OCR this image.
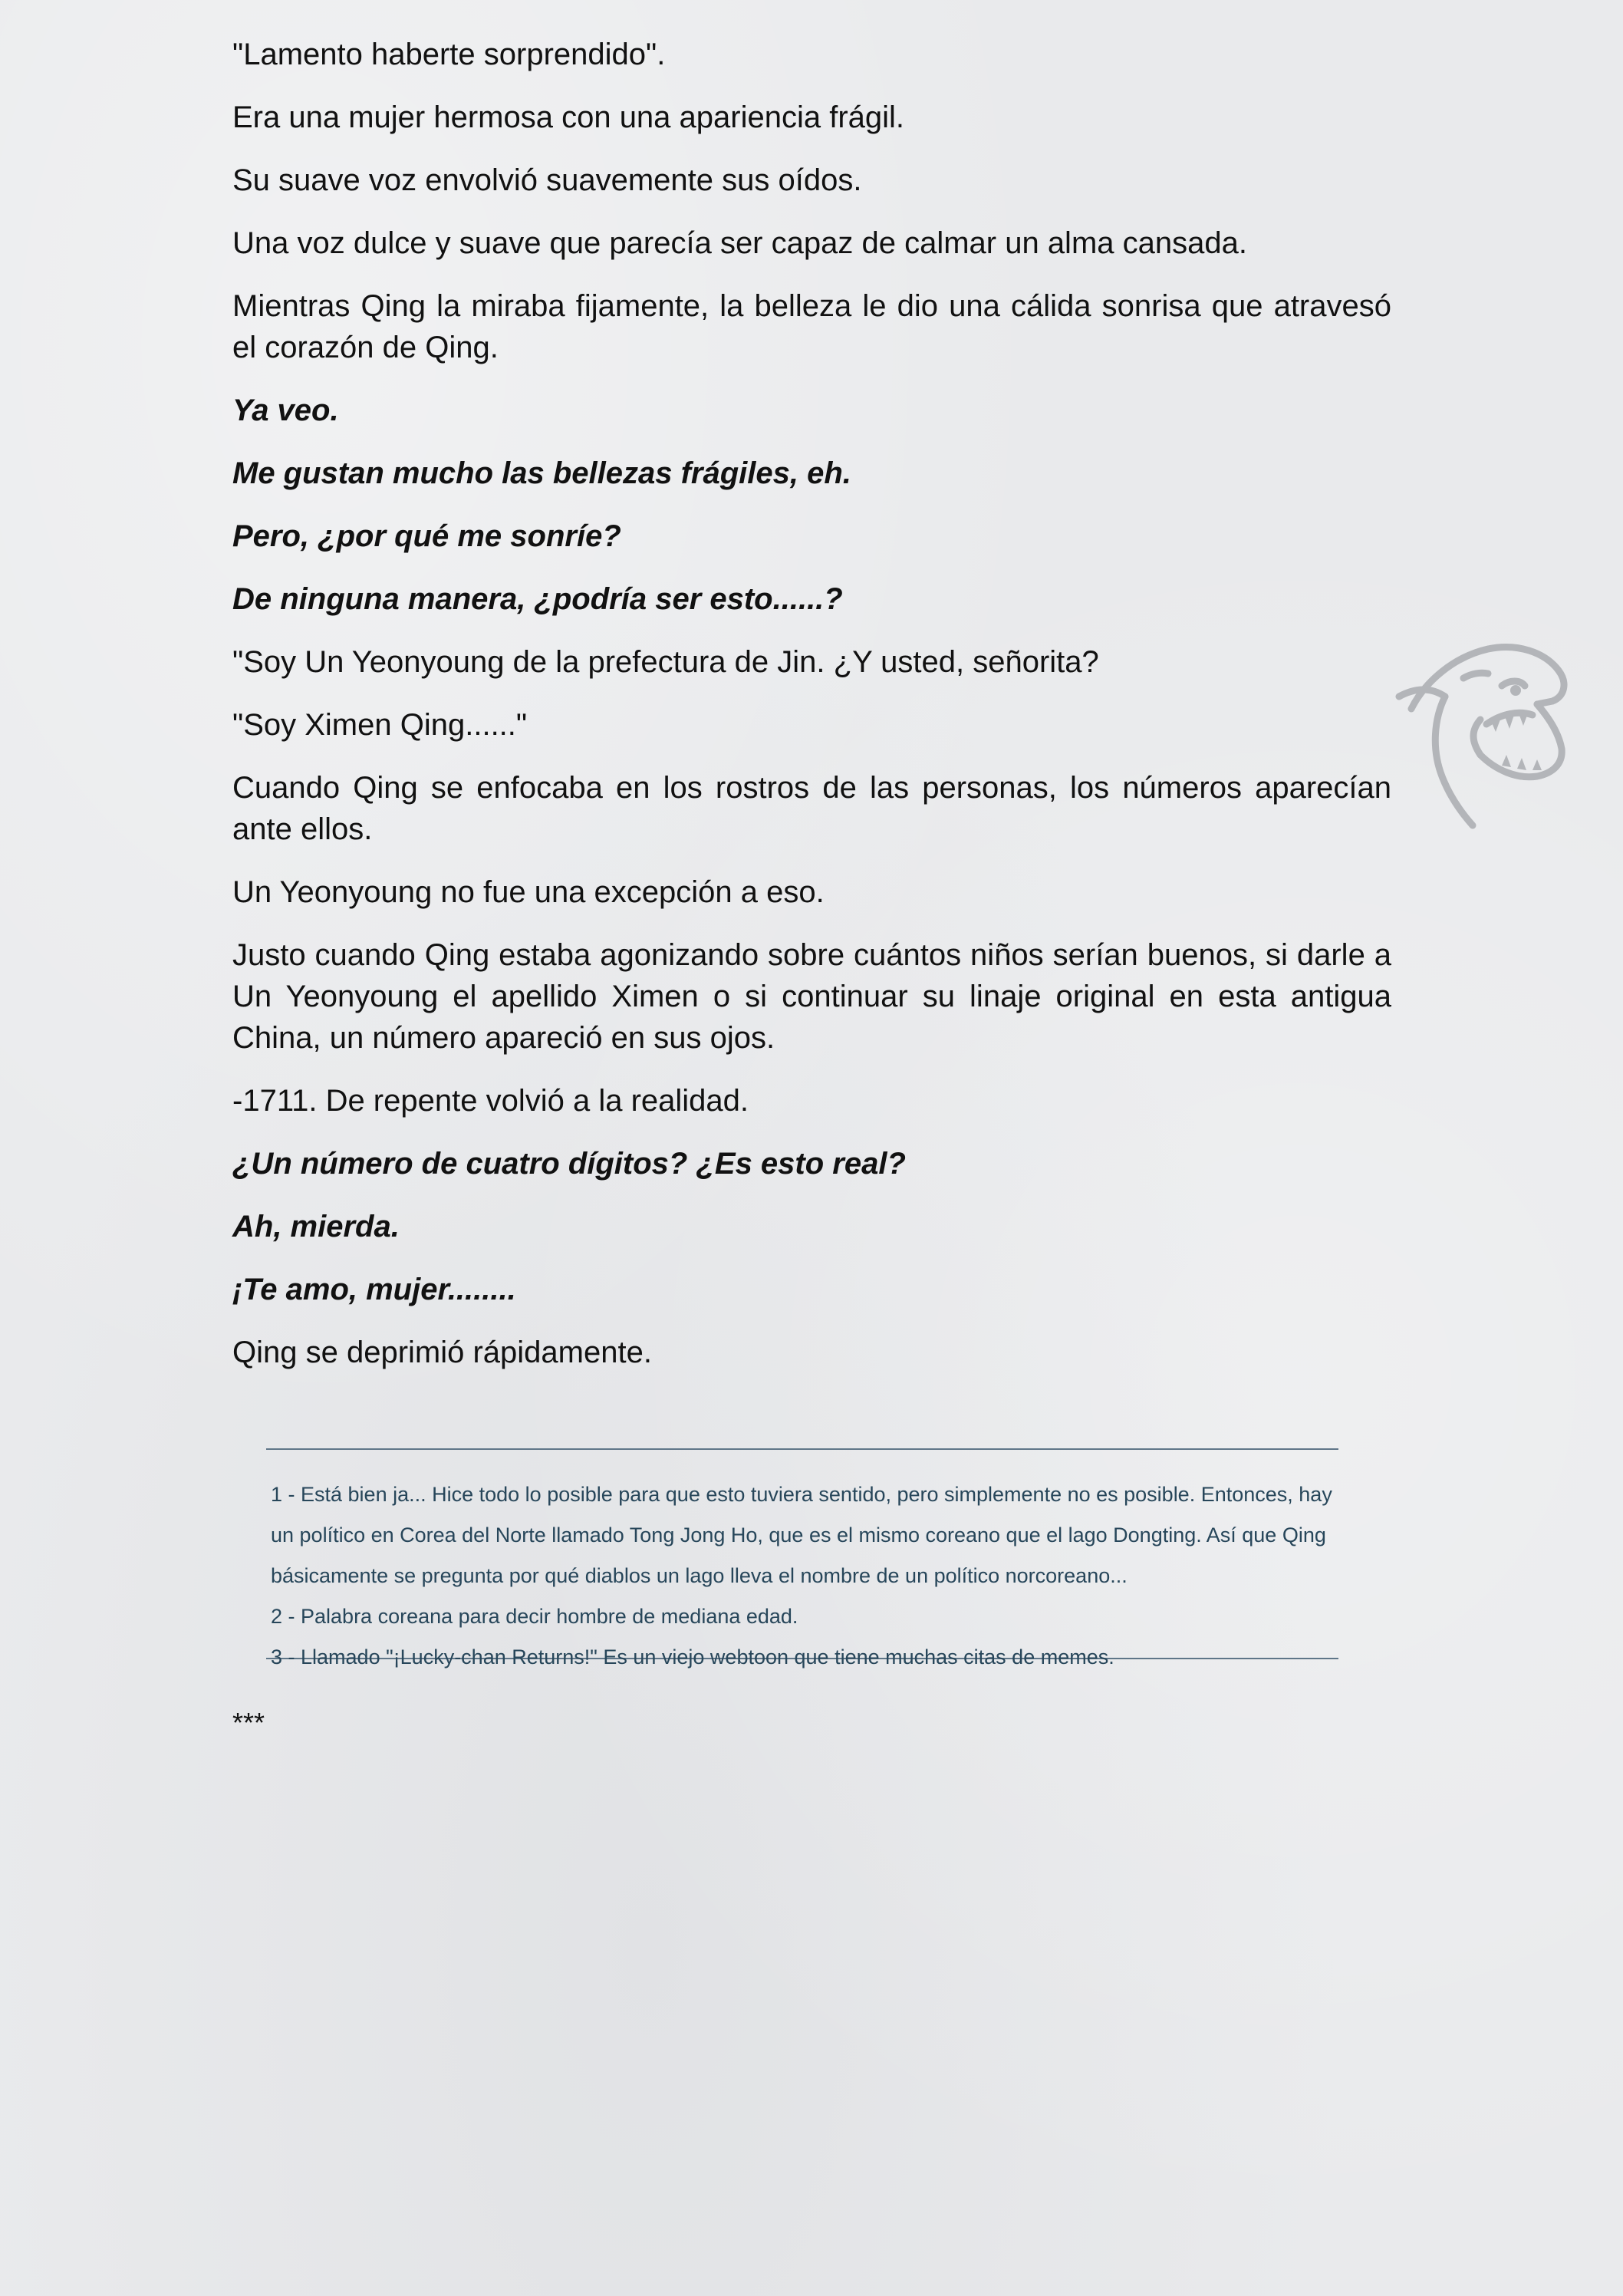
"Lamento haberte sorprendido".

Era una mujer hermosa con una apariencia frágil.

Su suave voz envolvió suavemente sus oídos.

Una voz dulce y suave que parecía ser capaz de calmar un alma cansada.

Mientras Qing la miraba fijamente, la belleza le dio una cálida sonrisa que atravesó el corazón de Qing.

Ya veo.

Me gustan mucho las bellezas frágiles, eh.

Pero, ¿por qué me sonríe?

De ninguna manera, ¿podría ser esto......?

"Soy Un Yeonyoung de la prefectura de Jin. ¿Y usted, señorita?

"Soy Ximen Qing......"

Cuando Qing se enfocaba en los rostros de las personas, los números aparecían ante ellos.

Un Yeonyoung no fue una excepción a eso.

Justo cuando Qing estaba agonizando sobre cuántos niños serían buenos, si darle a Un Yeonyoung el apellido Ximen o si continuar su linaje original en esta antigua China, un número apareció en sus ojos.

-1711. De repente volvió a la realidad.

¿Un número de cuatro dígitos? ¿Es esto real?

Ah, mierda.

¡Te amo, mujer........

Qing se deprimió rápidamente.

1 - Está bien ja... Hice todo lo posible para que esto tuviera sentido, pero simplemente no es posible. Entonces, hay un político en Corea del Norte llamado Tong Jong Ho, que es el mismo coreano que el lago Dongting. Así que Qing básicamente se pregunta por qué diablos un lago lleva el nombre de un político norcoreano...

2 - Palabra coreana para decir hombre de mediana edad.

3 - Llamado "¡Lucky-chan Returns!" Es un viejo webtoon que tiene muchas citas de memes.

***
